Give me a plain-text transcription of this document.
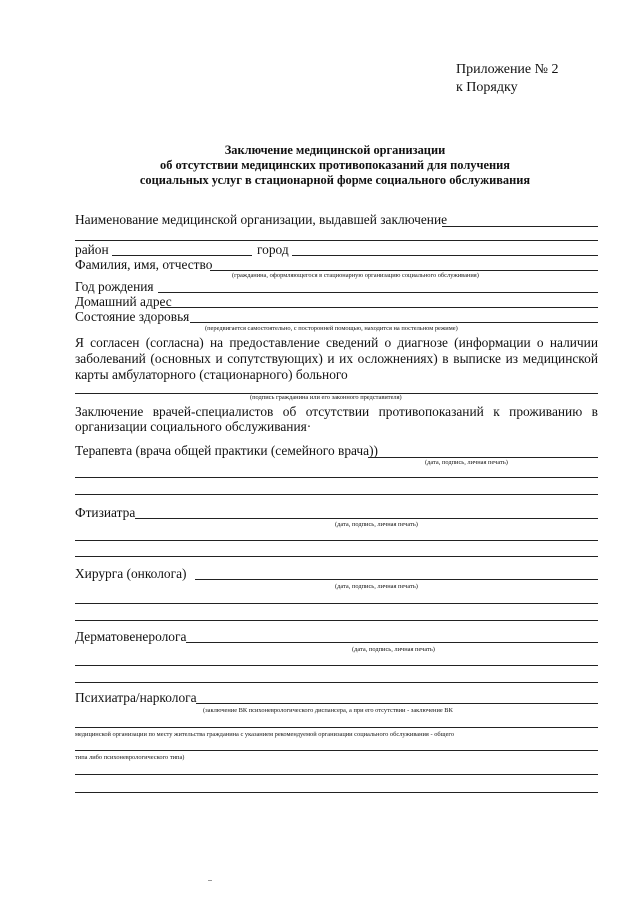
Приложение № 2
к Порядку
Заключение медицинской организации
об отсутствии медицинских противопоказаний для получения
социальных услуг в стационарной форме социального обслуживания
Наименование медицинской организации, выдавшей заключение
район	город
Фамилия, имя, отчество
(гражданина, оформляющегося в стационарную организацию социального обслуживания)
Год рождения
Домашний адрес
Состояние здоровья
(передвигается самостоятельно, с посторонней помощью, находится на постельном режиме)
Я согласен (согласна) на предоставление сведений о диагнозе (информации о наличии
заболеваний (основных и сопутствующих) и их осложнениях) в выписке из медицинской
карты амбулаторного (стационарного) больного
(подпись гражданина или его законного представителя)
Заключение врачей-специалистов об отсутствии противопоказаний к проживанию в
организации социального обслуживания·
Терапевта (врача общей практики (семейного врача))
(дата, подпись, личная печать)
Фтизиатра
(дата, подпись, личная печать)
Хирурга (онколога)
(дата, подпись, личная печать)
Дерматовенеролога
(дата, подпись, личная печать)
Психиатра/нарколога
(заключение ВК психоневрологического диспансера, а при его отсутствии - заключение ВК
медицинской организации по месту жительства гражданина с указанием рекомендуемой организации социального обслуживания - общего
типа либо психоневрологического типа)
